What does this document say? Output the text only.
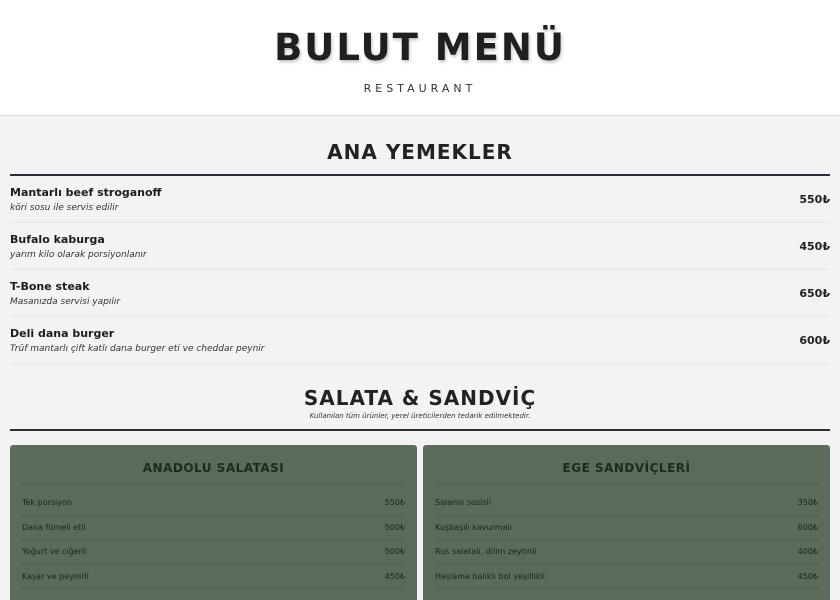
BULUT MENÜ
RESTAURANT
ANA YEMEKLER
Mantarlı beef stroganoff
köri sosu ile servis edilir
550₺
Bufalo kaburga
yarım kilo olarak porsiyonlanır
450₺
T-Bone steak
Masanızda servisi yapılır
650₺
Deli dana burger
Trüf mantarlı çift katlı dana burger eti ve cheddar peynir
600₺
SALATA & SANDVİÇ
Kullanılan tüm ürünler, yerel üreticilerden tedarik edilmektedir.
ANADOLU SALATASI
Tek porsiyon	550₺
Dana fümeli etli	500₺
Yoğurt ve ciğerli	500₺
Kaşar ve peynirli	450₺
EGE SANDVİÇLERİ
Salamlı sosisli	350₺
Kuşbaşılı kavurmalı	600₺
Rus salatalı, dilim zeytinli	400₺
Haşlama balıklı bol yeşillikli	450₺
